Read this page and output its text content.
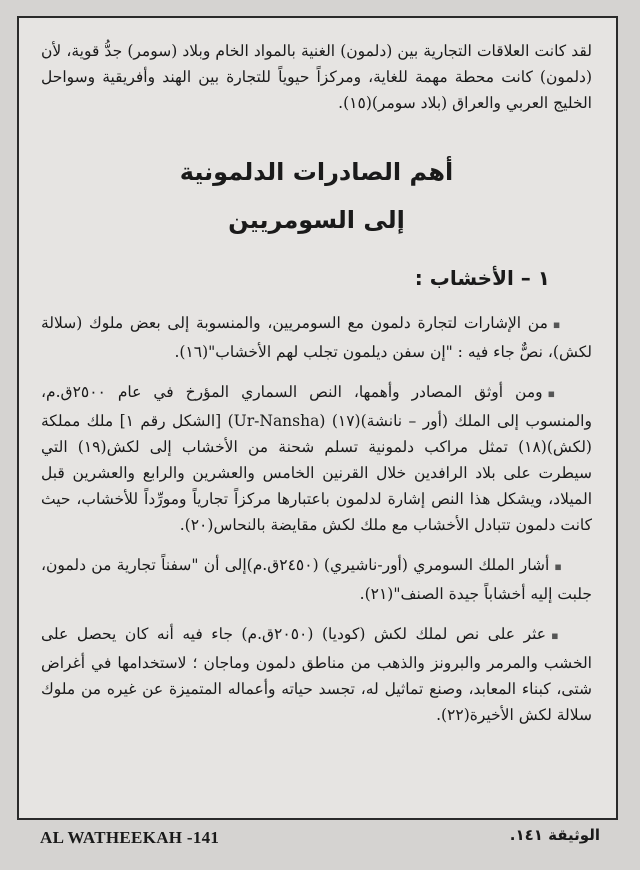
لقد كانت العلاقات التجارية بين (دلمون) الغنية بالمواد الخام وبلاد (سومر) جدُّ قوية، لأن (دلمون) كانت محطة مهمة للغاية، ومركزاً حيوياً للتجارة بين الهند وأفريقية وسواحل الخليج العربي والعراق (بلاد سومر)(١٥).

أهم الصادرات الدلمونية
إلى السومريين
١ – الأخشاب :

◾من الإشارات لتجارة دلمون مع السومريين، والمنسوبة إلى بعض ملوك (سلالة لكش)، نصٌّ جاء فيه : "إن سفن ديلمون تجلب لهم الأخشاب"(١٦).

◾ومن أوثق المصادر وأهمها، النص السماري المؤرخ في عام ٢٥٠٠ق.م، والمنسوب إلى الملك (أور – نانشة)(١٧) (Ur-Nansha) [الشكل رقم ١] ملك مملكة (لكش)(١٨) تمثل مراكب دلمونية تسلم شحنة من الأخشاب إلى لكش(١٩) التي سيطرت على بلاد الرافدين خلال القرنين الخامس والعشرين والرابع والعشرين قبل الميلاد، ويشكل هذا النص إشارة لدلمون باعتبارها مركزاً تجارياً ومورِّداً للأخشاب، حيث كانت دلمون تتبادل الأخشاب مع ملك لكش مقايضة بالنحاس(٢٠).

◾أشار الملك السومري (أور-ناشيري) (٢٤٥٠ق.م)إلى أن "سفناً تجارية من دلمون، جلبت إليه أخشاباً جيدة الصنف"(٢١).

◾عثر على نص لملك لكش (كوديا) (٢٠٥٠ق.م) جاء فيه أنه كان يحصل على الخشب والمرمر والبرونز والذهب من مناطق دلمون وماجان ؛ لاستخدامها في أغراض شتى، كبناء المعابد، وصنع تماثيل له، تجسد حياته وأعماله المتميزة عن غيره من ملوك سلالة لكش الأخيرة(٢٢).

AL WATHEEKAH -141	الوثيقة ١٤١.
